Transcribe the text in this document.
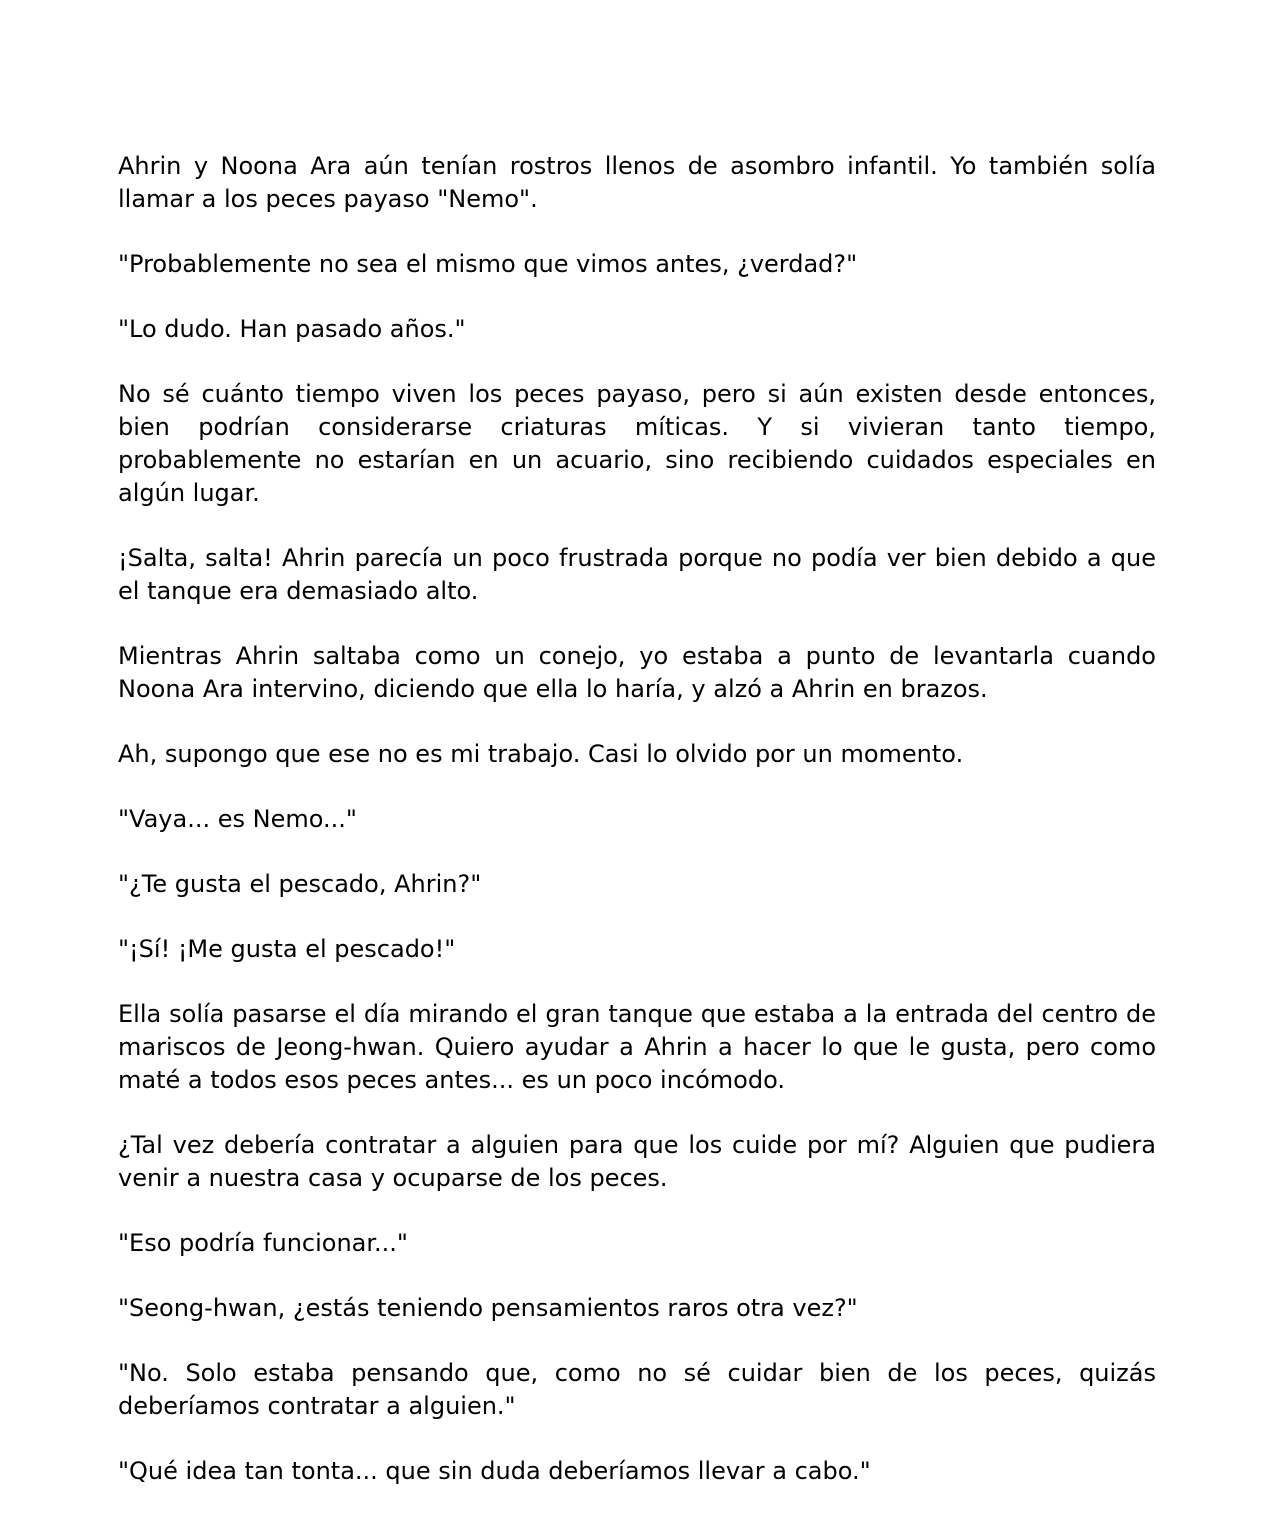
Ahrin y Noona Ara aún tenían rostros llenos de asombro infantil. Yo también solía llamar a los peces payaso "Nemo".

"Probablemente no sea el mismo que vimos antes, ¿verdad?"

"Lo dudo. Han pasado años."

No sé cuánto tiempo viven los peces payaso, pero si aún existen desde entonces, bien podrían considerarse criaturas míticas. Y si vivieran tanto tiempo, probablemente no estarían en un acuario, sino recibiendo cuidados especiales en algún lugar.

¡Salta, salta! Ahrin parecía un poco frustrada porque no podía ver bien debido a que el tanque era demasiado alto.

Mientras Ahrin saltaba como un conejo, yo estaba a punto de levantarla cuando Noona Ara intervino, diciendo que ella lo haría, y alzó a Ahrin en brazos.

Ah, supongo que ese no es mi trabajo. Casi lo olvido por un momento.

"Vaya... es Nemo..."

"¿Te gusta el pescado, Ahrin?"

"¡Sí! ¡Me gusta el pescado!"

Ella solía pasarse el día mirando el gran tanque que estaba a la entrada del centro de mariscos de Jeong-hwan. Quiero ayudar a Ahrin a hacer lo que le gusta, pero como maté a todos esos peces antes... es un poco incómodo.

¿Tal vez debería contratar a alguien para que los cuide por mí? Alguien que pudiera venir a nuestra casa y ocuparse de los peces.

"Eso podría funcionar..."

"Seong-hwan, ¿estás teniendo pensamientos raros otra vez?"

"No. Solo estaba pensando que, como no sé cuidar bien de los peces, quizás deberíamos contratar a alguien."

"Qué idea tan tonta... que sin duda deberíamos llevar a cabo."
